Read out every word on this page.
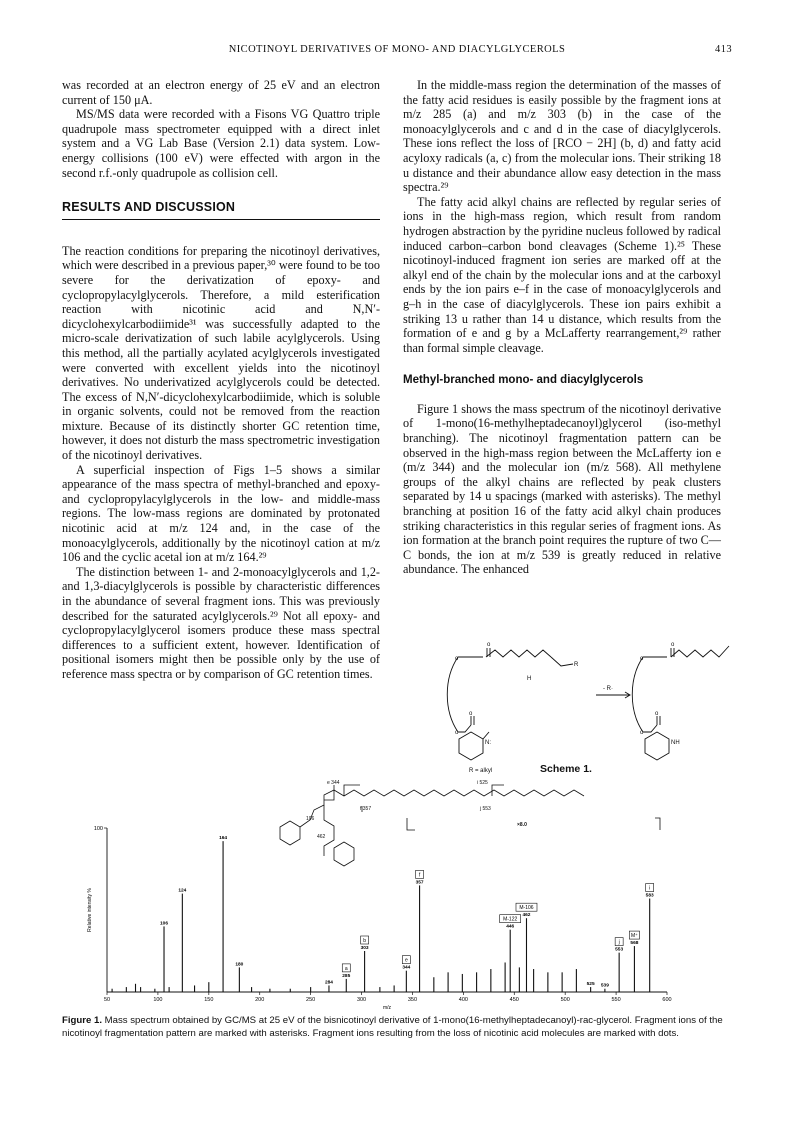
NICOTINOYL DERIVATIVES OF MONO- AND DIACYLGLYCEROLS	413

was recorded at an electron energy of 25 eV and an electron current of 150 μA.

MS/MS data were recorded with a Fisons VG Quattro triple quadrupole mass spectrometer equipped with a direct inlet system and a VG Lab Base (Version 2.1) data system. Low-energy collisions (100 eV) were effected with argon in the second r.f.-only quadrupole as collision cell.

RESULTS AND DISCUSSION

The reaction conditions for preparing the nicotinoyl derivatives, which were described in a previous paper,³⁰ were found to be too severe for the derivatization of epoxy- and cyclopropylacylglycerols. Therefore, a mild esterification reaction with nicotinic acid and N,N′-dicyclohexylcarbodiimide³¹ was successfully adapted to the micro-scale derivatization of such labile acylglycerols. Using this method, all the partially acylated acylglycerols investigated were converted with excellent yields into the nicotinoyl derivatives. No underivatized acylglycerols could be detected. The excess of N,N′-dicyclohexylcarbodiimide, which is soluble in organic solvents, could not be removed from the reaction mixture. Because of its distinctly shorter GC retention time, however, it does not disturb the mass spectrometric investigation of the nicotinoyl derivatives.

A superficial inspection of Figs 1–5 shows a similar appearance of the mass spectra of methyl-branched and epoxy- and cyclopropylacylglycerols in the low- and middle-mass regions. The low-mass regions are dominated by protonated nicotinic acid at m/z 124 and, in the case of the monoacylglycerols, additionally by the nicotinoyl cation at m/z 106 and the cyclic acetal ion at m/z 164.²⁹

The distinction between 1- and 2-monoacylglycerols and 1,2- and 1,3-diacylglycerols is possible by characteristic differences in the abundance of several fragment ions. This was previously described for the saturated acylglycerols.²⁹ Not all epoxy- and cyclopropylacylglycerol isomers produce these mass spectral differences to a sufficient extent, however. Identification of positional isomers might then be possible only by the use of reference mass spectra or by comparison of GC retention times.

In the middle-mass region the determination of the masses of the fatty acid residues is easily possible by the fragment ions at m/z 285 (a) and m/z 303 (b) in the case of the monoacylglycerols and c and d in the case of diacylglycerols. These ions reflect the loss of [RCO − 2H] (b, d) and fatty acid acyloxy radicals (a, c) from the molecular ions. Their striking 18 u distance and their abundance allow easy detection in the mass spectra.²⁹

The fatty acid alkyl chains are reflected by regular series of ions in the high-mass region, which result from random hydrogen abstraction by the pyridine nucleus followed by radical induced carbon–carbon bond cleavages (Scheme 1).²⁵ These nicotinoyl-induced fragment ion series are marked off at the alkyl end of the chain by the molecular ions and at the carboxyl ends by the ion pairs e–f in the case of monoacylglycerols and g–h in the case of diacylglycerols. These ion pairs exhibit a striking 13 u rather than 14 u distance, which results from the formation of e and g by a McLafferty rearrangement,²⁹ rather than formal simple cleavage.

Methyl-branched mono- and diacylglycerols

Figure 1 shows the mass spectrum of the nicotinoyl derivative of 1-mono(16-methylheptadecanoyl)glycerol (iso-methyl branching). The nicotinoyl fragmentation pattern can be observed in the high-mass region between the McLafferty ion e (m/z 344) and the molecular ion (m/z 568). All methylene groups of the alkyl chains are reflected by peak clusters separated by 14 u spacings (marked with asterisks). The methyl branching at position 16 of the fatty acid alkyl chain produces striking characteristics in this regular series of fragment ions. As ion formation at the branch point requires the rupture of two C—C bonds, the ion at m/z 539 is greatly reduced in relative abundance. The enhanced

o
o
o
o
o
o
o	o
R
H
N:	NH
- R·
R = alkyl	Scheme 1.
e 344	i 525
f 357	j 553
106
462
×8.0
50	100	150	200	250	300	350	400	450	500	550	600
100
m/z
Relative intensity %	106
124
164
180
284
285
a
303
b
344
e
357
f
446
M-122
462
M-106
525 539
553
j 568
M⁺
583
i
Figure 1. Mass spectrum obtained by GC/MS at 25 eV of the bisnicotinoyl derivative of 1-mono(16-methylheptadecanoyl)-rac-glycerol. Fragment ions of the nicotinoyl fragmentation pattern are marked with asterisks. Fragment ions resulting from the loss of nicotinic acid molecules are marked with dots.
